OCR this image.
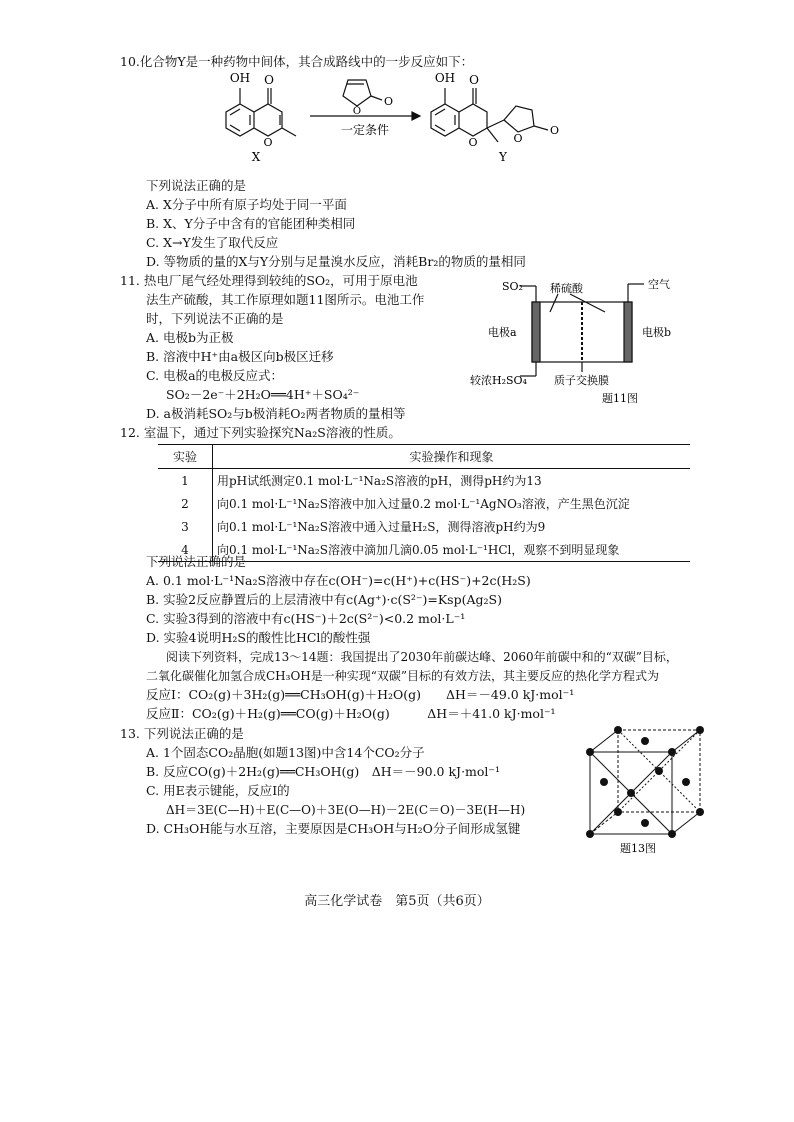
10.化合物Y是一种药物中间体，其合成路线中的一步反应如下：
OH O
O
O
O
一定条件
OH O
O	O
O
X	Y
下列说法正确的是
A. X分子中所有原子均处于同一平面
B. X、Y分子中含有的官能团种类相同
C. X→Y发生了取代反应
D. 等物质的量的X与Y分别与足量溴水反应，消耗Br₂的物质的量相同
11. 热电厂尾气经处理得到较纯的SO₂，可用于原电池
法生产硫酸，其工作原理如题11图所示。电池工作
时，下列说法不正确的是
A. 电极b为正极
B. 溶液中H⁺由a极区向b极区迁移
C. 电极a的电极反应式：
SO₂－2e⁻＋2H₂O══4H⁺＋SO₄²⁻
D. a极消耗SO₂与b极消耗O₂两者物质的量相等
SO₂ 稀硫酸	空气
电极a	电极b
质子交换膜
较浓H₂SO₄
题11图
12. 室温下，通过下列实验探究Na₂S溶液的性质。
实验	实验操作和现象
1	用pH试纸测定0.1 mol·L⁻¹Na₂S溶液的pH，测得pH约为13
2	向0.1 mol·L⁻¹Na₂S溶液中加入过量0.2 mol·L⁻¹AgNO₃溶液，产生黑色沉淀
3	向0.1 mol·L⁻¹Na₂S溶液中通入过量H₂S，测得溶液pH约为9
4	向0.1 mol·L⁻¹Na₂S溶液中滴加几滴0.05 mol·L⁻¹HCl，观察不到明显现象
下列说法正确的是
A. 0.1 mol·L⁻¹Na₂S溶液中存在c(OH⁻)=c(H⁺)+c(HS⁻)+2c(H₂S)
B. 实验2反应静置后的上层清液中有c(Ag⁺)·c(S²⁻)=Ksp(Ag₂S)
C. 实验3得到的溶液中有c(HS⁻)＋2c(S²⁻)<0.2 mol·L⁻¹
D. 实验4说明H₂S的酸性比HCl的酸性强
阅读下列资料，完成13～14题：我国提出了2030年前碳达峰、2060年前碳中和的“双碳”目标，
二氧化碳催化加氢合成CH₃OH是一种实现“双碳”目标的有效方法，其主要反应的热化学方程式为
反应Ⅰ：CO₂(g)＋3H₂(g)══CH₃OH(g)＋H₂O(g)　　ΔH＝－49.0 kJ·mol⁻¹
反应Ⅱ：CO₂(g)＋H₂(g)══CO(g)＋H₂O(g)　　　ΔH＝＋41.0 kJ·mol⁻¹
13. 下列说法正确的是
A. 1个固态CO₂晶胞(如题13图)中含14个CO₂分子
B. 反应CO(g)＋2H₂(g)══CH₃OH(g)　ΔH＝－90.0 kJ·mol⁻¹
C. 用E表示键能，反应Ⅰ的
ΔH＝3E(C—H)＋E(C—O)＋3E(O—H)－2E(C＝O)－3E(H—H)
D. CH₃OH能与水互溶，主要原因是CH₃OH与H₂O分子间形成氢键
题13图
高三化学试卷　第5页（共6页）
